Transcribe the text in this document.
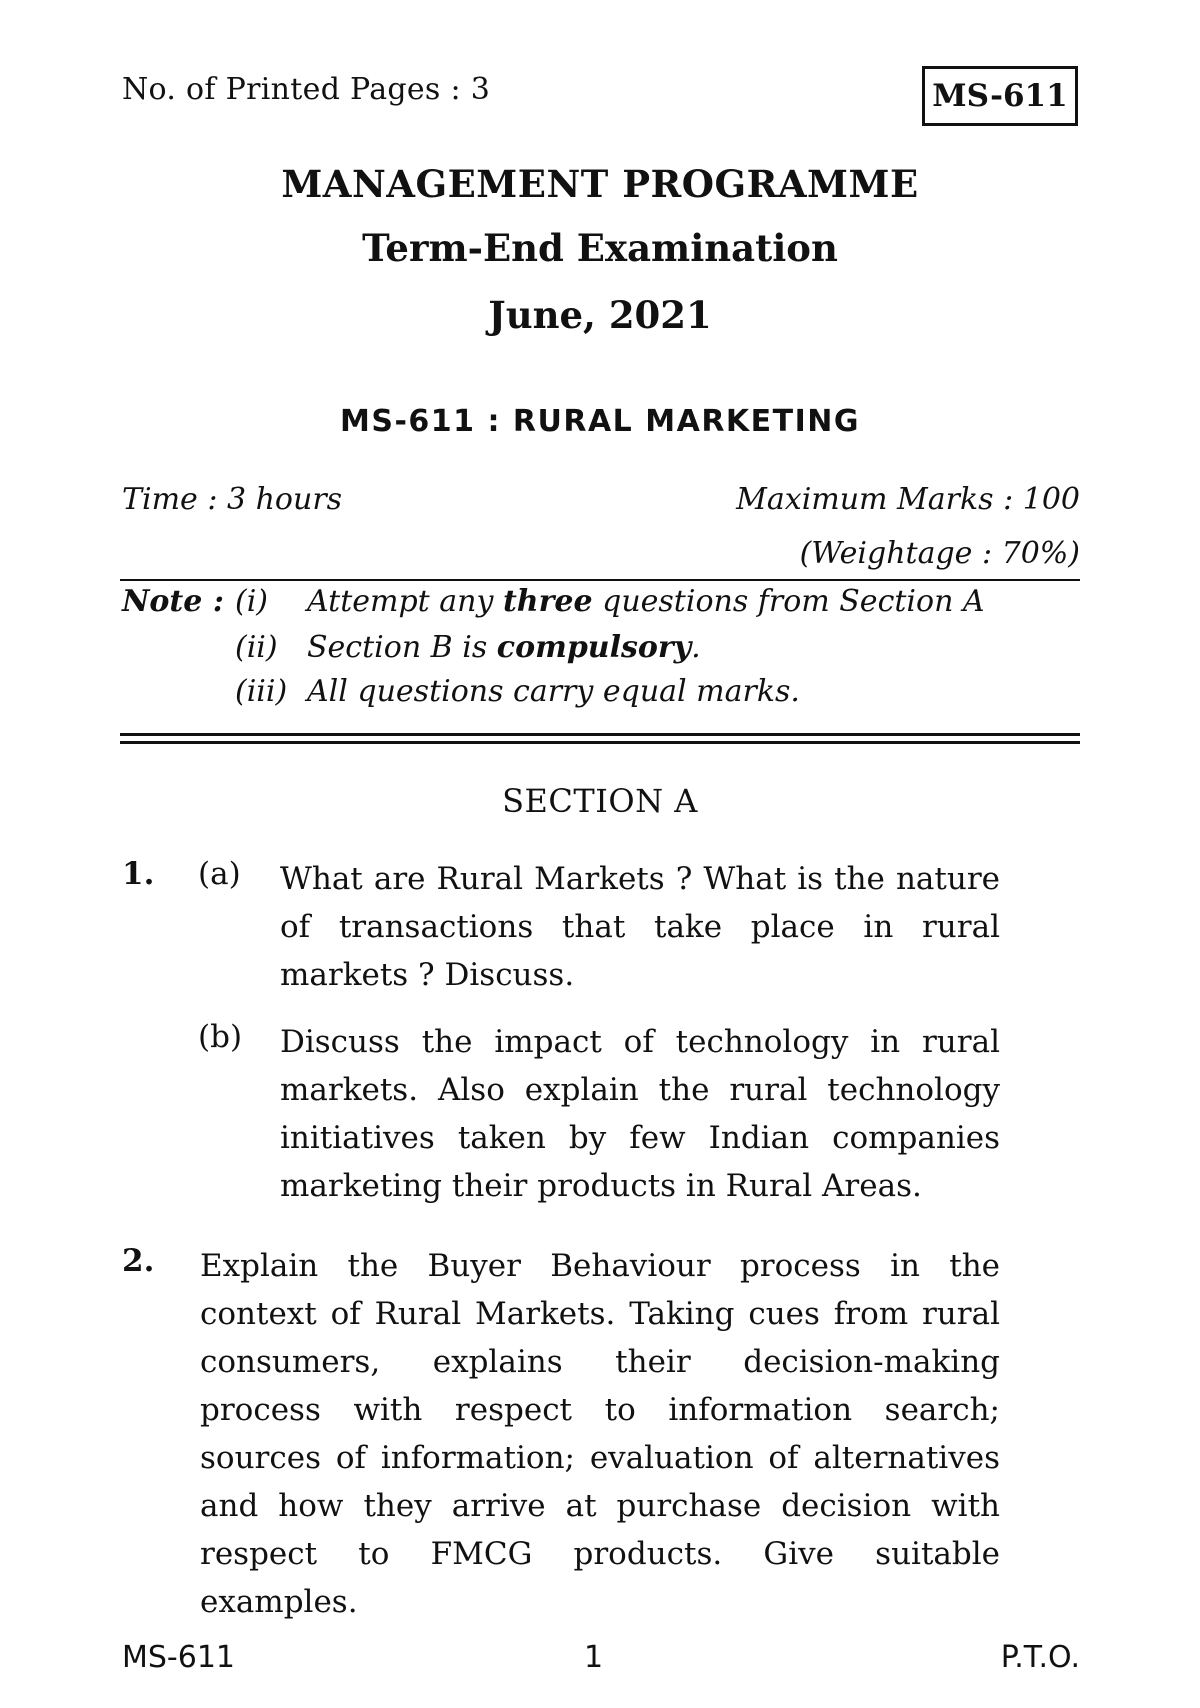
No. of Printed Pages : 3	MS-611
MANAGEMENT PROGRAMME
Term-End Examination
June, 2021
MS-611 : RURAL MARKETING
Time : 3 hours	Maximum Marks : 100
(Weightage : 70%)
Note : (i) Attempt any three questions from Section A
(ii) Section B is compulsory.
(iii) All questions carry equal marks.
SECTION A
1. (a) What are Rural Markets ? What is the nature of transactions that take place in rural markets ? Discuss.
(b) Discuss the impact of technology in rural markets. Also explain the rural technology initiatives taken by few Indian companies marketing their products in Rural Areas.
2. Explain the Buyer Behaviour process in the context of Rural Markets. Taking cues from rural consumers, explains their decision-making process with respect to information search; sources of information; evaluation of alternatives and how they arrive at purchase decision with respect to FMCG products. Give suitable examples.
MS-611	1	P.T.O.
